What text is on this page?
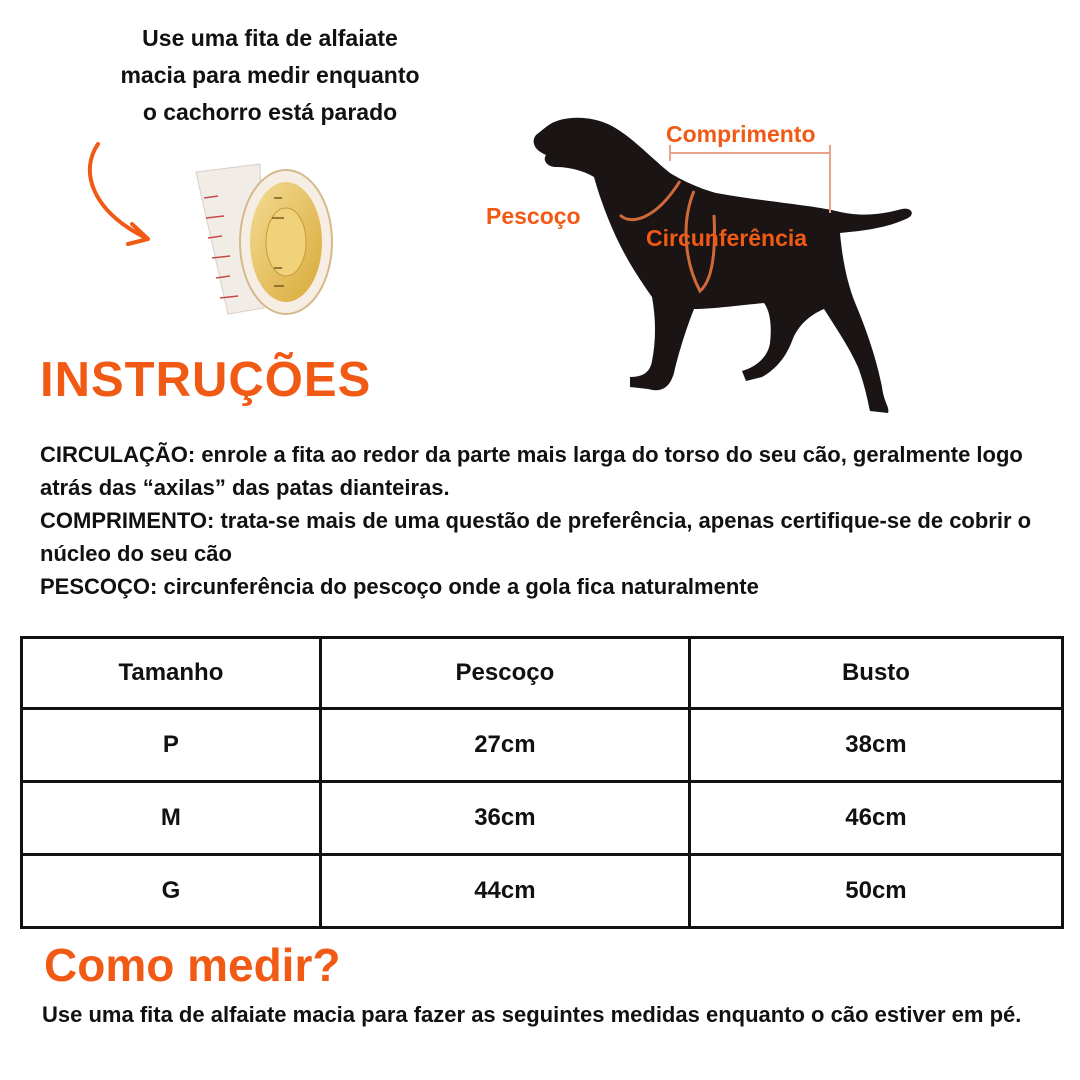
Use uma fita de alfaiate
macia para medir enquanto
o cachorro está parado
Comprimento
Pescoço
Circunferência
INSTRUÇÕES

CIRCULAÇÃO: enrole a fita ao redor da parte mais larga do torso do seu cão, geralmente logo atrás das “axilas” das patas dianteiras.

COMPRIMENTO: trata-se mais de uma questão de preferência, apenas certifique-se de cobrir o núcleo do seu cão

PESCOÇO: circunferência do pescoço onde a gola fica naturalmente

Tamanho	Pescoço	Busto
P	27cm	38cm
M	36cm	46cm
G	44cm	50cm
Como medir?

Use uma fita de alfaiate macia para fazer as seguintes medidas enquanto o cão estiver em pé.
